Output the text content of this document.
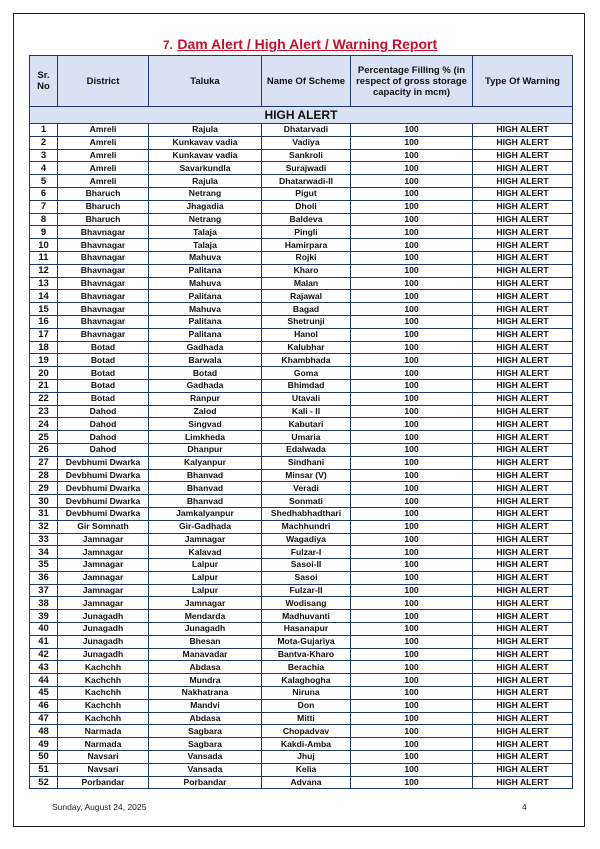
7. Dam Alert / High Alert / Warning Report
Sr. No	District	Taluka	Name Of Scheme	Percentage Filling % (in respect of gross storage capacity in mcm)	Type Of Warning
HIGH ALERT					
1	Amreli	Rajula	Dhatarvadi	100	HIGH ALERT
2	Amreli	Kunkavav vadia	Vadiya	100	HIGH ALERT
3	Amreli	Kunkavav vadia	Sankroli	100	HIGH ALERT
4	Amreli	Savarkundla	Surajwadi	100	HIGH ALERT
5	Amreli	Rajula	Dhatarwadi-II	100	HIGH ALERT
6	Bharuch	Netrang	Pigut	100	HIGH ALERT
7	Bharuch	Jhagadia	Dholi	100	HIGH ALERT
8	Bharuch	Netrang	Baldeva	100	HIGH ALERT
9	Bhavnagar	Talaja	Pingli	100	HIGH ALERT
10	Bhavnagar	Talaja	Hamirpara	100	HIGH ALERT
11	Bhavnagar	Mahuva	Rojki	100	HIGH ALERT
12	Bhavnagar	Palitana	Kharo	100	HIGH ALERT
13	Bhavnagar	Mahuva	Malan	100	HIGH ALERT
14	Bhavnagar	Palitana	Rajawal	100	HIGH ALERT
15	Bhavnagar	Mahuva	Bagad	100	HIGH ALERT
16	Bhavnagar	Palitana	Shetrunji	100	HIGH ALERT
17	Bhavnagar	Palitana	Hanol	100	HIGH ALERT
18	Botad	Gadhada	Kalubhar	100	HIGH ALERT
19	Botad	Barwala	Khambhada	100	HIGH ALERT
20	Botad	Botad	Goma	100	HIGH ALERT
21	Botad	Gadhada	Bhimdad	100	HIGH ALERT
22	Botad	Ranpur	Utavali	100	HIGH ALERT
23	Dahod	Zalod	Kali - II	100	HIGH ALERT
24	Dahod	Singvad	Kabutari	100	HIGH ALERT
25	Dahod	Limkheda	Umaria	100	HIGH ALERT
26	Dahod	Dhanpur	Edalwada	100	HIGH ALERT
27	Devbhumi Dwarka	Kalyanpur	Sindhani	100	HIGH ALERT
28	Devbhumi Dwarka	Bhanvad	Minsar (V)	100	HIGH ALERT
29	Devbhumi Dwarka	Bhanvad	Veradi	100	HIGH ALERT
30	Devbhumi Dwarka	Bhanvad	Sonmati	100	HIGH ALERT
31	Devbhumi Dwarka	Jamkalyanpur	Shedhabhadthari	100	HIGH ALERT
32	Gir Somnath	Gir-Gadhada	Machhundri	100	HIGH ALERT
33	Jamnagar	Jamnagar	Wagadiya	100	HIGH ALERT
34	Jamnagar	Kalavad	Fulzar-I	100	HIGH ALERT
35	Jamnagar	Lalpur	Sasoi-II	100	HIGH ALERT
36	Jamnagar	Lalpur	Sasoi	100	HIGH ALERT
37	Jamnagar	Lalpur	Fulzar-II	100	HIGH ALERT
38	Jamnagar	Jamnagar	Wodisang	100	HIGH ALERT
39	Junagadh	Mendarda	Madhuvanti	100	HIGH ALERT
40	Junagadh	Junagadh	Hasanapur	100	HIGH ALERT
41	Junagadh	Bhesan	Mota-Gujariya	100	HIGH ALERT
42	Junagadh	Manavadar	Bantva-Kharo	100	HIGH ALERT
43	Kachchh	Abdasa	Berachia	100	HIGH ALERT
44	Kachchh	Mundra	Kalaghogha	100	HIGH ALERT
45	Kachchh	Nakhatrana	Niruna	100	HIGH ALERT
46	Kachchh	Mandvi	Don	100	HIGH ALERT
47	Kachchh	Abdasa	Mitti	100	HIGH ALERT
48	Narmada	Sagbara	Chopadvav	100	HIGH ALERT
49	Narmada	Sagbara	Kakdi-Amba	100	HIGH ALERT
50	Navsari	Vansada	Jhuj	100	HIGH ALERT
51	Navsari	Vansada	Kelia	100	HIGH ALERT
52	Porbandar	Porbandar	Advana	100	HIGH ALERT
Sunday, August 24, 2025	4
